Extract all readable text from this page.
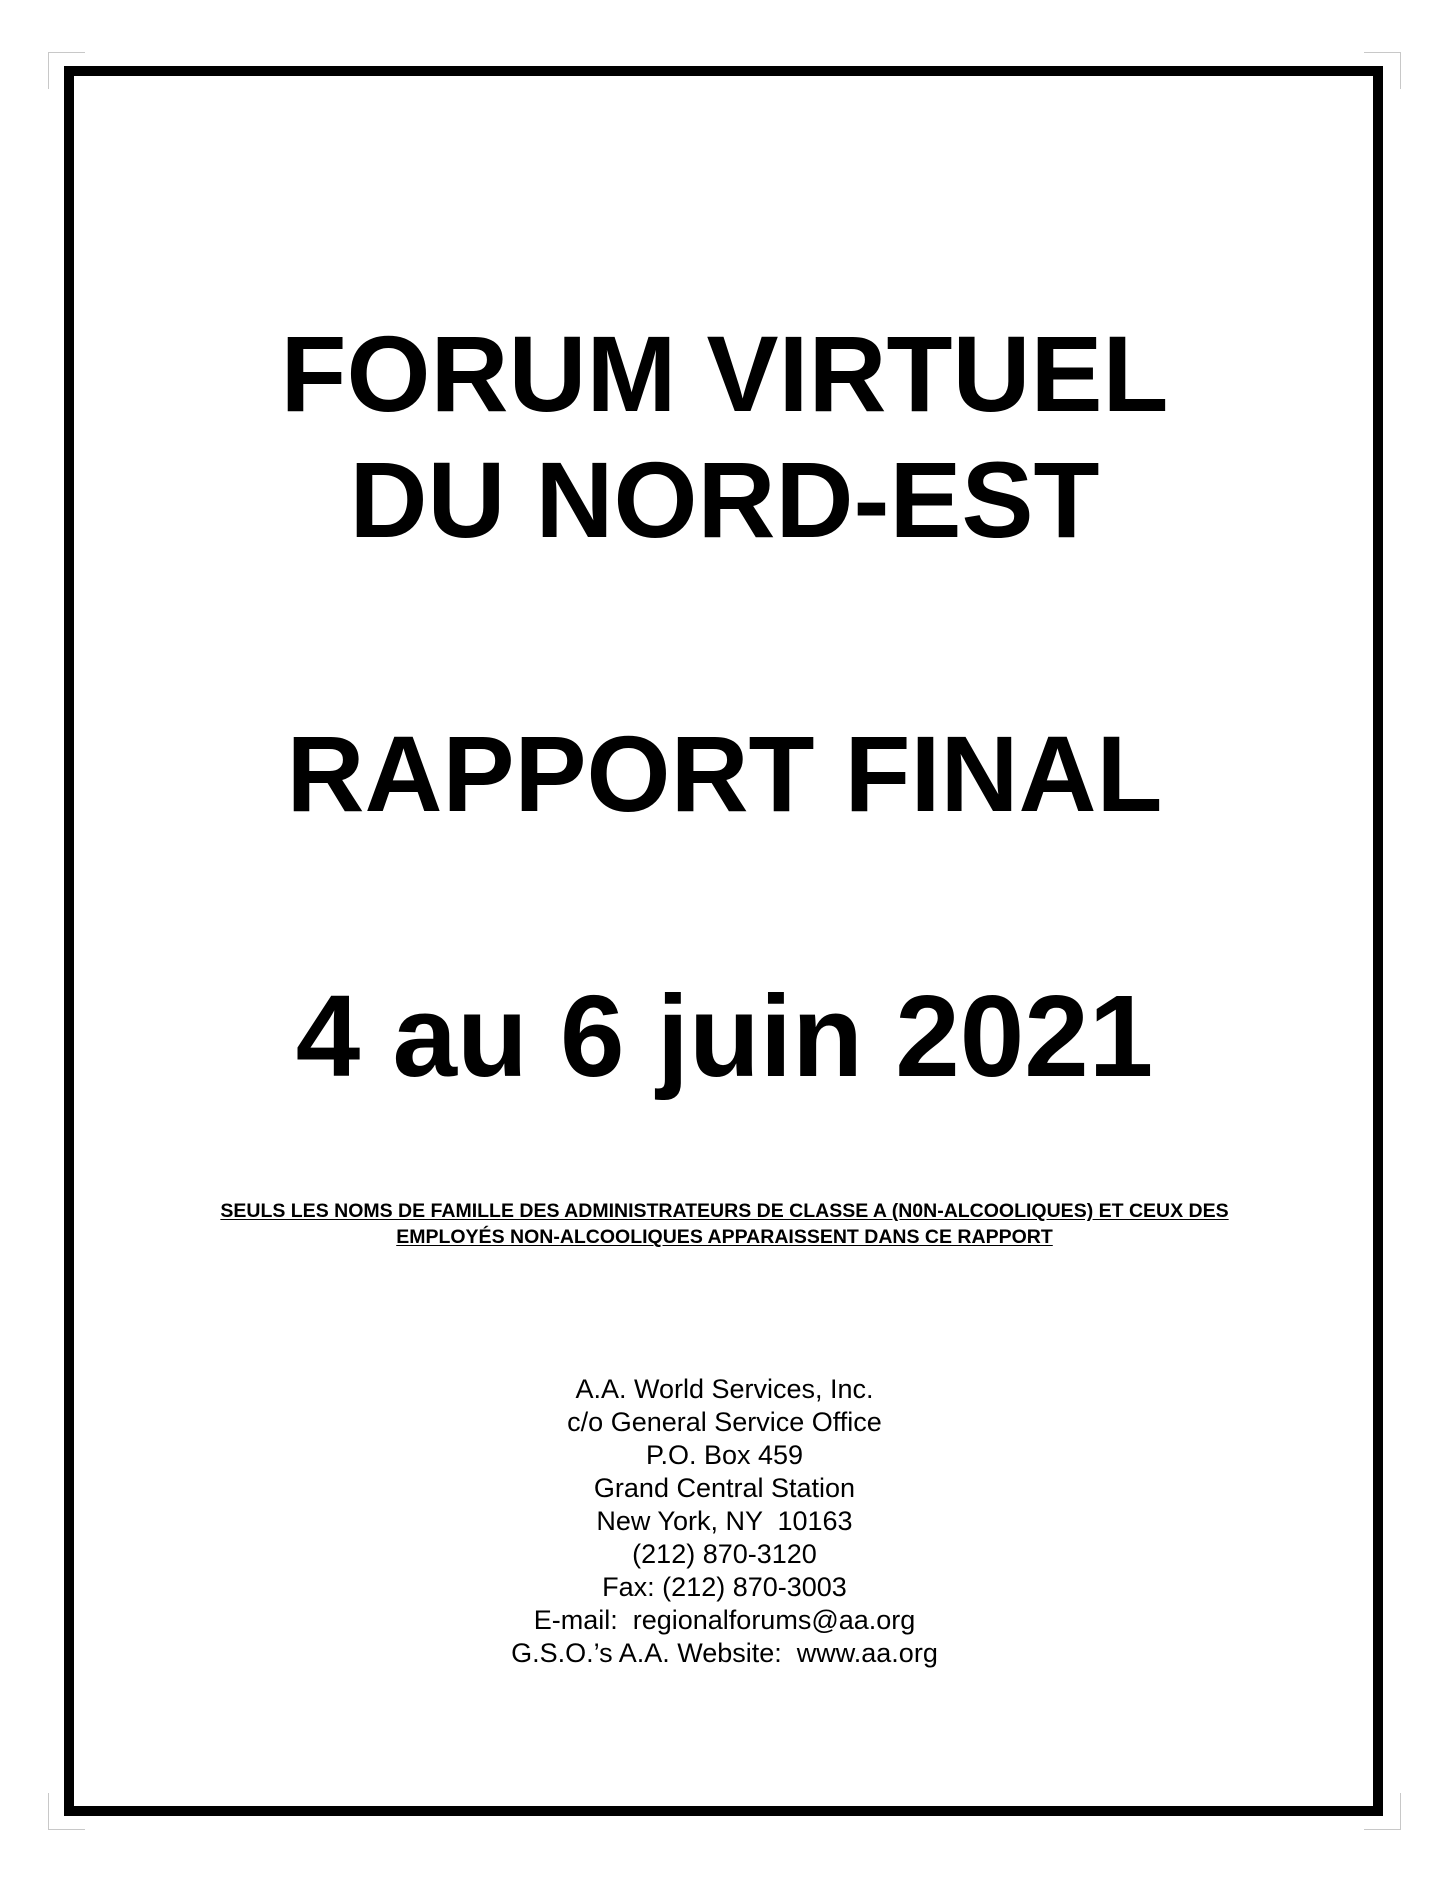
FORUM VIRTUEL
DU NORD-EST
RAPPORT FINAL
4 au 6 juin 2021
SEULS LES NOMS DE FAMILLE DES ADMINISTRATEURS DE CLASSE A (N0N-ALCOOLIQUES) ET CEUX DES
EMPLOYÉS NON-ALCOOLIQUES APPARAISSENT DANS CE RAPPORT
A.A. World Services, Inc.
c/o General Service Office
P.O. Box 459
Grand Central Station
New York, NY  10163
(212) 870-3120
Fax: (212) 870-3003
E-mail:  regionalforums@aa.org
G.S.O.’s A.A. Website:  www.aa.org
